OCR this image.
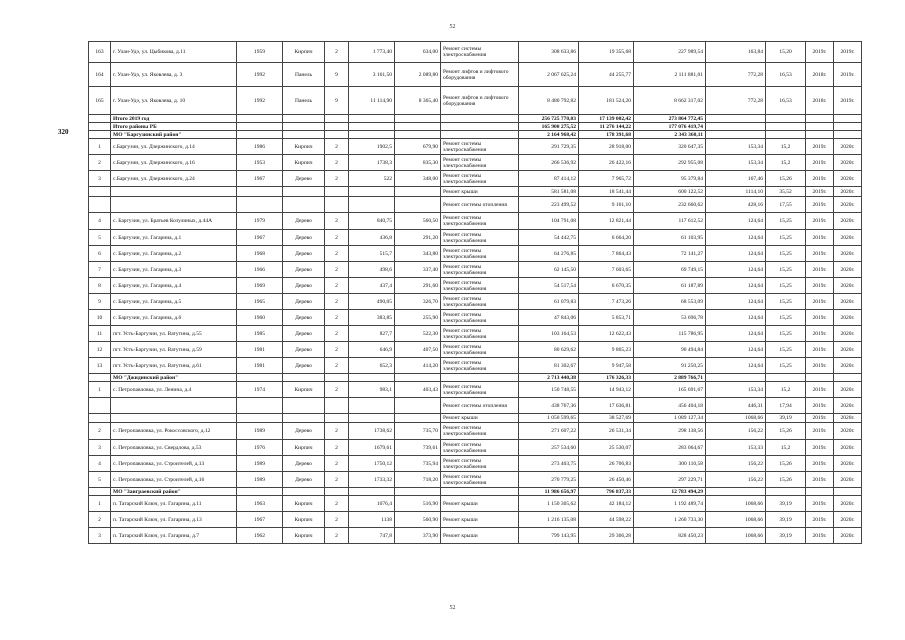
52
320
163	г. Улан-Удэ, ул. Цыбикова, д.11	1959	Кирпич	2	1 773,40	634,00	Ремонт системы электроснабжения	308 633,86	19 355,68	227 989,54	163,84	15,20	2019г.	2019г.
164	г. Улан-Удэ, ул. Яковлева, д. 3	1992	Панель	9	3 161,50	2 089,80	Ремонт лифтов и лифтового оборудования	2 067 625,24	44 255,77	2 111 881,01	772,28	16,53	2018г.	2019г.
165	г. Улан-Удэ, ул. Яковлева, д. 10	1992	Панель	9	11 114,90	8 365,40	Ремонт лифтов и лифтового оборудования	8 480 792,82	181 524,20	8 662 317,02	772,28	16,53	2018г.	2019г.
	Итого 2019 год							256 725 770,03	17 139 002,42	273 864 772,45				
	Итого районы РБ							165 900 275,52	11 276 144,22	177 076 419,74				
	МО "Баргузинский район"							2 164 968,42	178 391,68	2 343 360,11				
1	с.Баргузин, ул. Дзержинского, д.14	1986	Кирпич	2	1902,5	679,90	Ремонт системы электроснабжения	291 729,35	28 918,00	320 647,35	153,34	15,2	2019г.	2020г.
2	с.Баргузин, ул. Дзержинского, д.16	1953	Кирпич	2	1738,3	835,30	Ремонт системы электроснабжения	266 536,92	26 422,16	292 955,08	153,34	15,2	2019г.	2020г.
3	с.Баргузин, ул. Дзержинского, д.24	1967	Дерево	2	522	348,00	Ремонт системы электроснабжения	87 414,12	7 965,72	95 379,84	167,46	15,26	2019г.	2020г.
							Ремонт крыши	581 581,08	18 541,44	600 122,52	1114,10	35,52	2019г.	2020г.
							Ремонт системы отопления	223 499,52	9 161,10	232 660,62	428,16	17,55	2019г.	2020г.
4	с. Баргузин, ул. Братьев Козулиных, д.44А	1979	Дерево	2	840,75	560,50	Ремонт системы электроснабжения	104 791,08	12 821,44	117 612,52	124,64	15,25	2019г.	2020г.
5	с. Баргузин, ул. Гагарина, д.1	1967	Дерево	2	436,8	291,20	Ремонт системы электроснабжения	54 442,75	6 664,20	61 103,95	124,64	15,25	2019г.	2020г.
6	с. Баргузин, ул. Гагарина, д.2	1968	Дерево	2	515,7	343,80	Ремонт системы электроснабжения	64 276,85	7 864,43	72 141,27	124,64	15,25	2019г.	2020г.
7	с. Баргузин, ул. Гагарина, д.3	1966	Дерево	2	498,6	337,40	Ремонт системы электроснабжения	62 145,50	7 603,65	69 749,15	124,64	15,25	2019г.	2020г.
8	с. Баргузин, ул. Гагарина, д.4	1969	Дерево	2	437,4	291,60	Ремонт системы электроснабжения	54 517,54	6 670,35	61 187,89	124,64	15,25	2019г.	2020г.
9	с. Баргузин, ул. Гагарина, д.5	1965	Дерево	2	490,05	326,70	Ремонт системы электроснабжения	61 079,83	7 473,26	68 553,09	124,64	15,25	2019г.	2020г.
10	с. Баргузин, ул. Гагарина, д.6	1960	Дерево	2	383,85	255,90	Ремонт системы электроснабжения	47 843,06	5 853,71	53 696,78	124,64	15,25	2019г.	2020г.
11	пгт. Усть-Баргузин, ул. Ватутина, д.55	1985	Дерево	2	827,7	522,30	Ремонт системы электроснабжения	103 164,53	12 622,43	115 786,95	124,64	15,25	2019г.	2020г.
12	пгт. Усть-Баргузин, ул. Ватутина, д.59	1981	Дерево	2	646,9	407,50	Ремонт системы электроснабжения	80 629,62	9 865,23	90 494,84	124,64	15,25	2019г.	2020г.
13	пгт. Усть-Баргузин, ул. Ватутина, д.61	1981	Дерево	2	652,3	414,20	Ремонт системы электроснабжения	81 302,67	9 947,58	91 250,25	124,64	15,25	2019г.	2020г.
	МО "Джидинский район"							2 713 440,38	176 326,33	2 889 766,71				
1	с. Петропавловка, ул. Ленина, д.4	1974	Кирпич	2	983,1	403,43	Ремонт системы электроснабжения	150 748,55	14 943,12	165 691,67	153,34	15,2	2019г.	2020г.
							Ремонт системы отопления	438 767,36	17 636,81	456 404,18	446,31	17,94	2019г.	2020г.
							Ремонт крыши	1 050 599,65	38 527,69	1 089 127,34	1068,66	39,19	2019г.	2020г.
2	с. Петропавловка, ул. Рокоссовского, д.12	1989	Дерево	2	1738,62	735,70	Ремонт системы электроснабжения	271 607,22	26 531,34	298 138,56	156,22	15,26	2019г.	2020г.
3	с. Петропавловка, ул. Свердлова, д.53	1976	Кирпич	2	1679,61	739,61	Ремонт системы электроснабжения	257 534,60	25 530,07	283 064,67	153,33	15,2	2019г.	2020г.
4	с. Петропавловка, ул. Строителей, д.13	1989	Дерево	2	1750,12	735,94	Ремонт системы электроснабжения	273 403,75	26 706,83	300 110,58	156,22	15,26	2019г.	2020г.
5	с. Петропавловка, ул. Строителей, д.16	1989	Дерево	2	1733,32	718,20	Ремонт системы электроснабжения	270 779,25	26 450,46	297 229,71	156,22	15,26	2019г.	2020г.
	МО "Заиграевский район"							11 986 656,97	796 837,33	12 783 494,29				
1	п. Татарский Ключ, ул. Гагарина, д.11	1963	Кирпич	2	1076,4	516,90	Ремонт крыши	1 150 305,62	42 184,12	1 192 489,74	1068,66	39,19	2019г.	2020г.
2	п. Татарский Ключ, ул. Гагарина, д.13	1967	Кирпич	2	1138	560,90	Ремонт крыши	1 216 135,08	44 598,22	1 260 733,30	1068,66	39,19	2019г.	2020г.
3	п. Татарский Ключ, ул. Гагарина, д.7	1962	Кирпич	2	747,8	373,90	Ремонт крыши	799 143,95	29 306,28	828 450,23	1068,66	39,19	2019г.	2020г.
52
